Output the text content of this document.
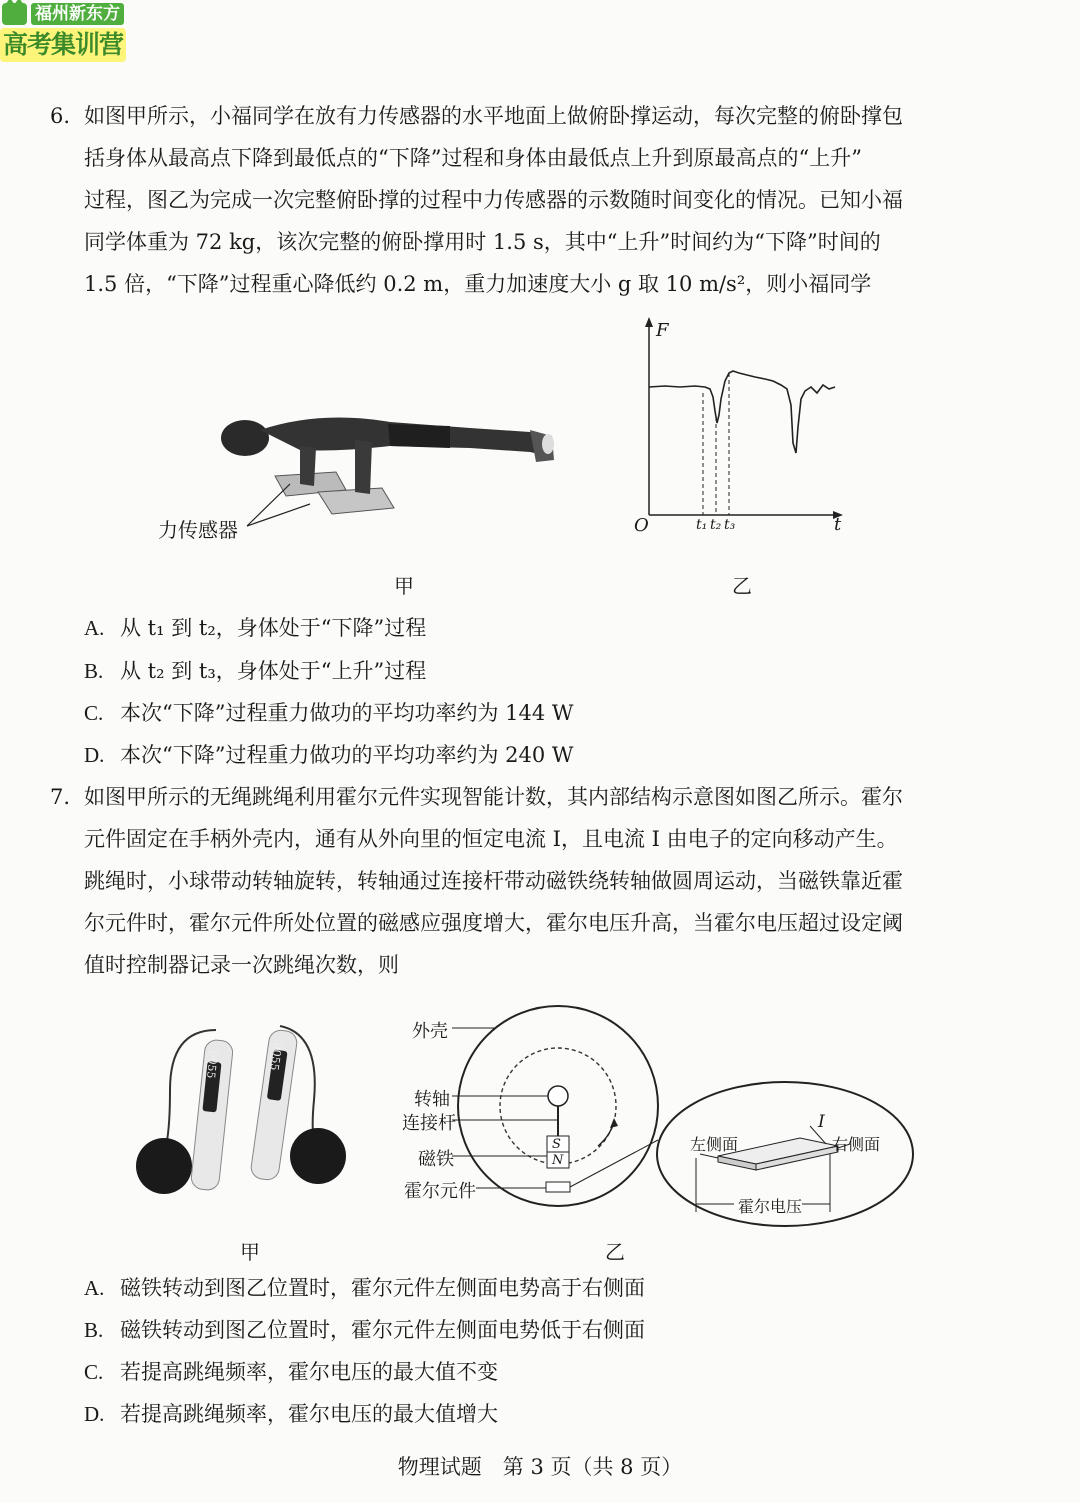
福州新东方
高考集训营
6. 如图甲所示，小福同学在放有力传感器的水平地面上做俯卧撑运动，每次完整的俯卧撑包
括身体从最高点下降到最低点的“下降”过程和身体由最低点上升到原最高点的“上升”
过程，图乙为完成一次完整俯卧撑的过程中力传感器的示数随时间变化的情况。已知小福
同学体重为 72 kg，该次完整的俯卧撑用时 1.5 s，其中“上升”时间约为“下降”时间的
1.5 倍，“下降”过程重心降低约 0.2 m，重力加速度大小 g 取 10 m/s²，则小福同学
力传感器
甲
F
t
O	t₁ t₂ t₃
乙
A. 从 t₁ 到 t₂，身体处于“下降”过程
B. 从 t₂ 到 t₃，身体处于“上升”过程
C. 本次“下降”过程重力做功的平均功率约为 144 W
D. 本次“下降”过程重力做功的平均功率约为 240 W
7. 如图甲所示的无绳跳绳利用霍尔元件实现智能计数，其内部结构示意图如图乙所示。霍尔
元件固定在手柄外壳内，通有从外向里的恒定电流 I，且电流 I 由电子的定向移动产生。
跳绳时，小球带动转轴旋转，转轴通过连接杆带动磁铁绕转轴做圆周运动，当磁铁靠近霍
尔元件时，霍尔元件所处位置的磁感应强度增大，霍尔电压升高，当霍尔电压超过设定阈
值时控制器记录一次跳绳次数，则
0055	0055
甲
外壳
转轴
连接杆
磁铁
霍尔元件
S
N
I
左侧面	右侧面
霍尔电压
乙
A. 磁铁转动到图乙位置时，霍尔元件左侧面电势高于右侧面
B. 磁铁转动到图乙位置时，霍尔元件左侧面电势低于右侧面
C. 若提高跳绳频率，霍尔电压的最大值不变
D. 若提高跳绳频率，霍尔电压的最大值增大
物理试题　第 3 页（共 8 页）
